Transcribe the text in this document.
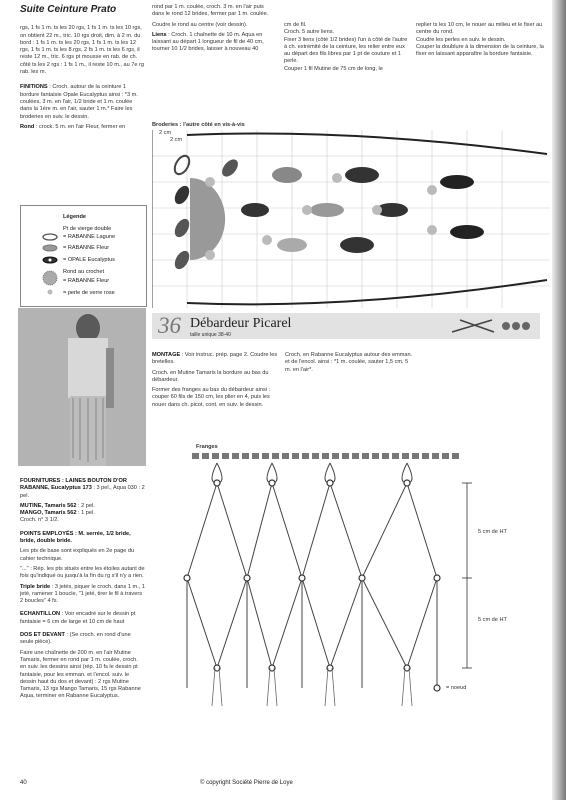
Suite Ceinture Prato

rgs, 1 fs 1 m. ts les 20 rgs, 1 fs 1 m. ts les 10 rgs, on obtient 22 m., tric. 10 rgs droit, dim. à 2 m. du bord : 1 fs 1 m. ts les 20 rgs, 1 fs 1 m. ts les 12 rgs, 1 fs 1 m. ts les 8 rgs, 2 fs 1 m. ts les 6 rgs, il reste 12 m., tric. 6 rgs pt mousse en rab. de ch. côté ts les 2 rgs : 1 fs 1 m., il reste 10 m., au 7e rg rab. les m.

FINITIONS : Croch. autour de la ceinture 1 bordure fantaisie Opale Eucalyptus ainsi : *3 m. coulées, 3 m. en l'air, 1/2 bride et 1 m. coulée dans la 1ère m. en l'air, sauter 1 m.* Faire les broderies en suiv. le dessin.

Rond : crock. 5 m. en l'air Fleur, fermer en

rond par 1 m. coulée, croch. 3 m. en l'air puis dans le rond 12 brides, fermer par 1 m. coulée.

Coudre le rond au centre (voir dessin).

Liens : Croch. 1 chaînette de 10 m. Aqua en laissant au départ 1 longueur de fil de 40 cm, tourner 10 1/2 brides, laisser à nouveau 40

cm de fil.

Croch. 5 autre liens.

Fixer 3 liens (côté 1/2 brides) l'un à côté de l'autre à ch. extrémité de la ceinture, les relier entre eux au départ des fils libres par 1 pt de couture et 1 perle.

Couper 1 fil Mutine de 75 cm de long, le

replier ts les 10 cm, le nouer au milieu et le fixer au centre du rond.

Coudre les perles en suiv. le dessin.

Couper la doublure à la dimension de la ceinture, la fixer en laissant apparaître la bordure fantaisie.

Légende
Pt de vierge double
= RABANNE Lagune
= RABANNE Fleur
= OPALE Eucalyptus
Rond au crochet
= RABANNE Fleur
= perle de verre rose
Broderies : l'autre côté en vis-à-vis
2 cm
2 cm
36 Débardeur Picarel
taille unique 38-40

MONTAGE : Voir instruc. prép. page 2. Coudre les bretelles.

Croch. en Mutine Tamaris la bordure au bas du débardeur.

Former des franges au bas du débardeur ainsi : couper 60 fils de 150 cm, les plier en 4, puis les nouer dans ch. picot, cont. en suiv. le dessin.

Croch. en Rabanne Eucalyptus autour des emman. et de l'encol. ainsi : *1 m. coulée, sauter 1,5 cm, 5 m. en l'air*.

FOURNITURES : LAINES BOUTON D'OR RABANNE, Eucalyptus 173 : 3 pel., Aqua 030 : 2 pel.

MUTINE, Tamaris 562 : 2 pel.

MANGO, Tamaris 562 : 1 pel.

Croch. n° 3 1/2.

POINTS EMPLOYÉS : M. serrée, 1/2 bride, bride, double bride.

Les pts de base sont expliqués en 2e page du cahier technique.

"..." : Rép. les pts situés entre les étoiles autant de fois qu'indiqué ou jusqu'à la fin du rg s'il n'y a rien.

Triple bride : 3 jetés, piquer le croch. dans 1 m., 1 jeté, ramener 1 boucle, "1 jeté, tirer le fil à travers 2 boucles" 4 fs.

ECHANTILLON : Voir encadré sur le dessin pt fantaisie = 6 cm de large et 10 cm de haut

DOS ET DEVANT : (Se croch. en rond d'une seule pièce).

Faire une chaînette de 200 m. en l'air Mutine Tamaris, fermer en rond par 1 m. coulée, croch. en suiv. les dessins ainsi (rép. 10 fs le dessin pt fantaisie, pour les emman. et l'encol. suiv. le dessin haut du dos et devant) : 2 rgs Mutine Tamaris, 13 rgs Mango Tamaris, 15 rgs Rabanne Aqua, terminer en Rabanne Eucalyptus.

Franges
5 cm de HT
5 cm de HT
= noeud
40	© copyright Société Pierre de Loye
